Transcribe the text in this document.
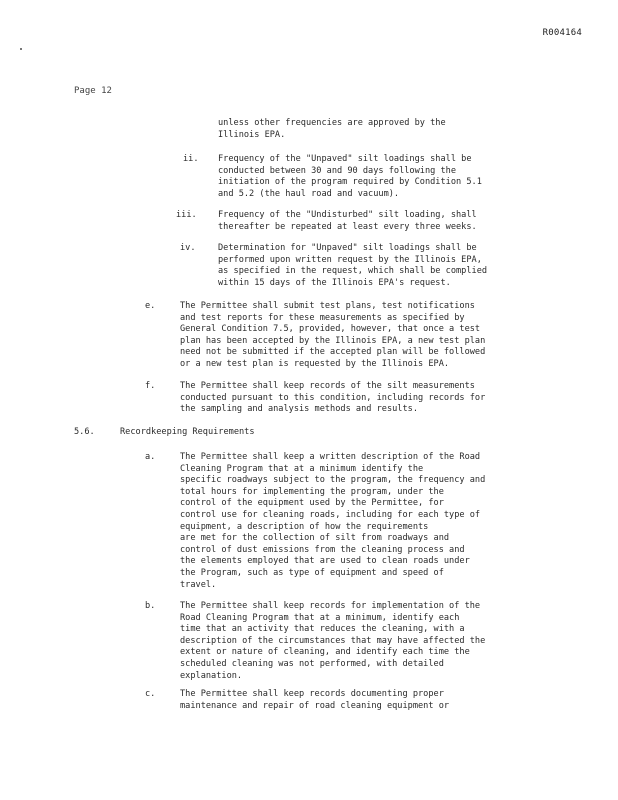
R004164
Page 12
unless other frequencies are approved by the
Illinois EPA.
ii. Frequency of the "Unpaved" silt loadings shall be
conducted between 30 and 90 days following the
initiation of the program required by Condition 5.1
and 5.2 (the haul road and vacuum).
iii. Frequency of the "Undisturbed" silt loading, shall
thereafter be repeated at least every three weeks.
iv.	Determination for "Unpaved" silt loadings shall be
performed upon written request by the Illinois EPA,
as specified in the request, which shall be complied
within 15 days of the Illinois EPA's request.
e.	The Permittee shall submit test plans, test notifications
and test reports for these measurements as specified by
General Condition 7.5, provided, however, that once a test
plan has been accepted by the Illinois EPA, a new test plan
need not be submitted if the accepted plan will be followed
or a new test plan is requested by the Illinois EPA.
f.	The Permittee shall keep records of the silt measurements
conducted pursuant to this condition, including records for
the sampling and analysis methods and results.
5.6.	Recordkeeping Requirements
a.	The Permittee shall keep a written description of the Road
Cleaning Program that at a minimum identify the
specific roadways subject to the program, the frequency and
total hours for implementing the program, under the
control of the equipment used by the Permittee, for
control use for cleaning roads, including for each type of
equipment, a description of how the requirements
are met for the collection of silt from roadways and
control of dust emissions from the cleaning process and
the elements employed that are used to clean roads under
the Program, such as type of equipment and speed of
travel.
b.	The Permittee shall keep records for implementation of the
Road Cleaning Program that at a minimum, identify each
time that an activity that reduces the cleaning, with a
description of the circumstances that may have affected the
extent or nature of cleaning, and identify each time the
scheduled cleaning was not performed, with detailed
explanation.
c.	The Permittee shall keep records documenting proper
maintenance and repair of road cleaning equipment or
